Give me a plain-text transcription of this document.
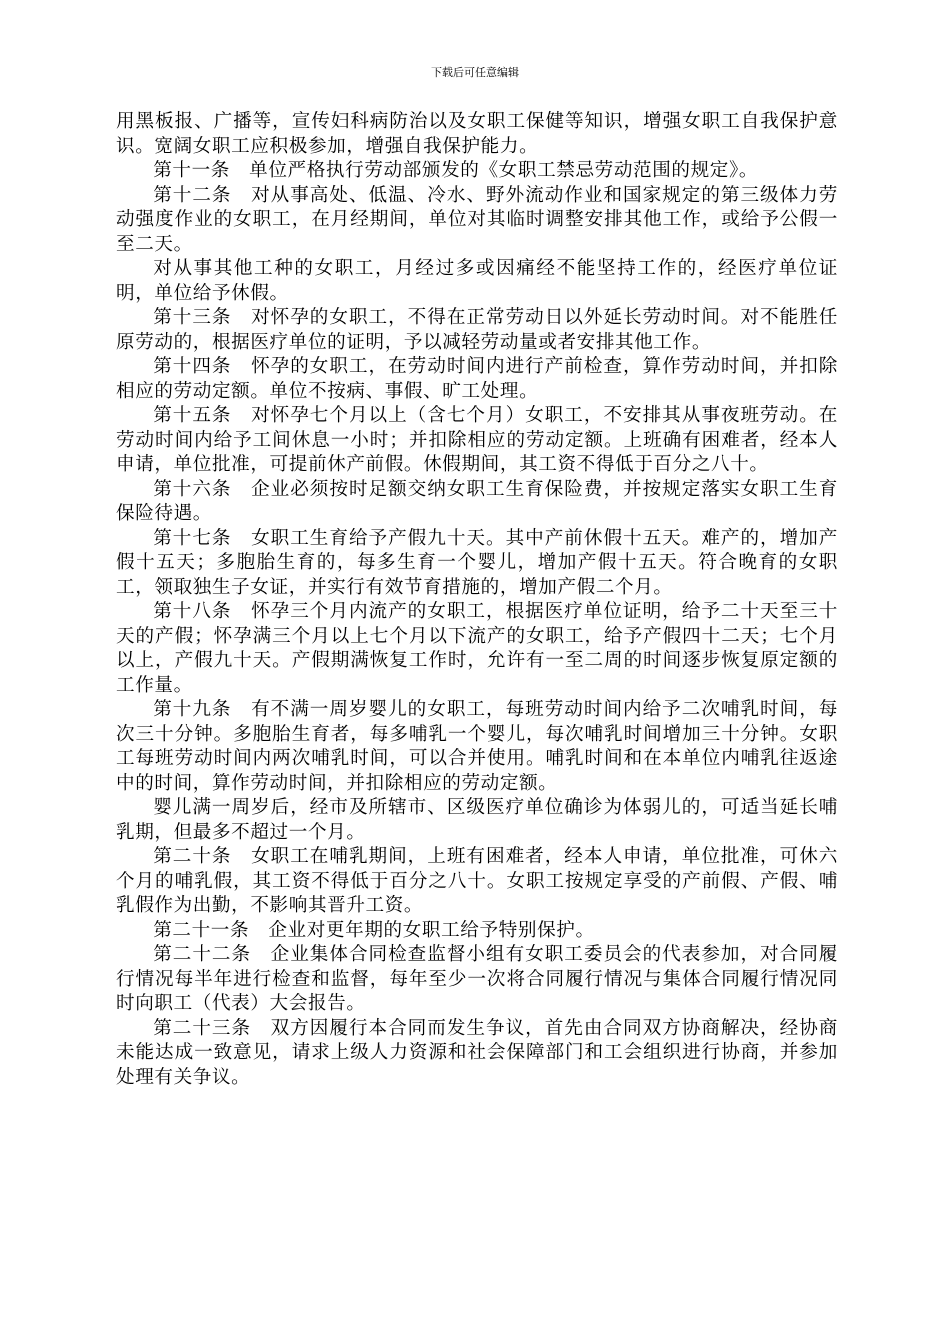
下载后可任意编辑

用黑板报、广播等，宣传妇科病防治以及女职工保健等知识，增强女职工自我保护意识。宽阔女职工应积极参加，增强自我保护能力。

第十一条　单位严格执行劳动部颁发的《女职工禁忌劳动范围的规定》。

第十二条　对从事高处、低温、冷水、野外流动作业和国家规定的第三级体力劳动强度作业的女职工，在月经期间，单位对其临时调整安排其他工作，或给予公假一至二天。

对从事其他工种的女职工，月经过多或因痛经不能坚持工作的，经医疗单位证明，单位给予休假。

第十三条　对怀孕的女职工，不得在正常劳动日以外延长劳动时间。对不能胜任原劳动的，根据医疗单位的证明，予以减轻劳动量或者安排其他工作。

第十四条　怀孕的女职工，在劳动时间内进行产前检查，算作劳动时间，并扣除相应的劳动定额。单位不按病、事假、旷工处理。

第十五条　对怀孕七个月以上（含七个月）女职工，不安排其从事夜班劳动。在劳动时间内给予工间休息一小时；并扣除相应的劳动定额。上班确有困难者，经本人申请，单位批准，可提前休产前假。休假期间，其工资不得低于百分之八十。

第十六条　企业必须按时足额交纳女职工生育保险费，并按规定落实女职工生育保险待遇。

第十七条　女职工生育给予产假九十天。其中产前休假十五天。难产的，增加产假十五天；多胞胎生育的，每多生育一个婴儿，增加产假十五天。符合晚育的女职工，领取独生子女证，并实行有效节育措施的，增加产假二个月。

第十八条　怀孕三个月内流产的女职工，根据医疗单位证明，给予二十天至三十天的产假；怀孕满三个月以上七个月以下流产的女职工，给予产假四十二天；七个月以上，产假九十天。产假期满恢复工作时，允许有一至二周的时间逐步恢复原定额的工作量。

第十九条　有不满一周岁婴儿的女职工，每班劳动时间内给予二次哺乳时间，每次三十分钟。多胞胎生育者，每多哺乳一个婴儿，每次哺乳时间增加三十分钟。女职工每班劳动时间内两次哺乳时间，可以合并使用。哺乳时间和在本单位内哺乳往返途中的时间，算作劳动时间，并扣除相应的劳动定额。

婴儿满一周岁后，经市及所辖市、区级医疗单位确诊为体弱儿的，可适当延长哺乳期，但最多不超过一个月。

第二十条　女职工在哺乳期间，上班有困难者，经本人申请，单位批准，可休六个月的哺乳假，其工资不得低于百分之八十。女职工按规定享受的产前假、产假、哺乳假作为出勤，不影响其晋升工资。

第二十一条　企业对更年期的女职工给予特别保护。

第二十二条　企业集体合同检查监督小组有女职工委员会的代表参加，对合同履行情况每半年进行检查和监督，每年至少一次将合同履行情况与集体合同履行情况同时向职工（代表）大会报告。

第二十三条　双方因履行本合同而发生争议，首先由合同双方协商解决，经协商未能达成一致意见，请求上级人力资源和社会保障部门和工会组织进行协商，并参加处理有关争议。
